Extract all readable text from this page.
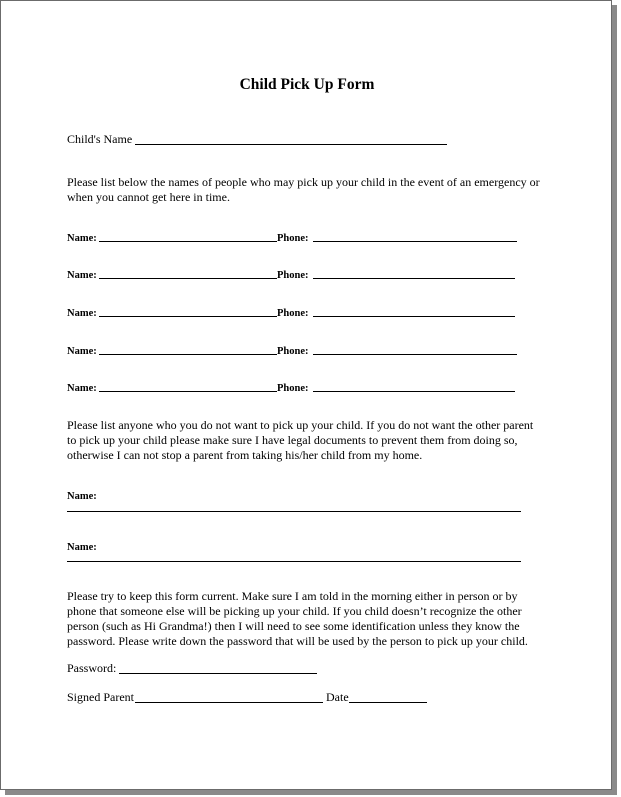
Child Pick Up Form
Child's Name
Please list below the names of people who may pick up your child in the event of an emergency or
when you cannot get here in time.
Name:	Phone:
Name:	Phone:
Name:	Phone:
Name:	Phone:
Name:	Phone:
Please list anyone who you do not want to pick up your child. If you do not want the other parent
to pick up your child please make sure I have legal documents to prevent them from doing so,
otherwise I can not stop a parent from taking his/her child from my home.
Name:
Name:
Please try to keep this form current. Make sure I am told in the morning either in person or by
phone that someone else will be picking up your child. If you child doesn’t recognize the other
person (such as Hi Grandma!) then I will need to see some identification unless they know the
password. Please write down the password that will be used by the person to pick up your child.
Password:
Signed Parent	Date
